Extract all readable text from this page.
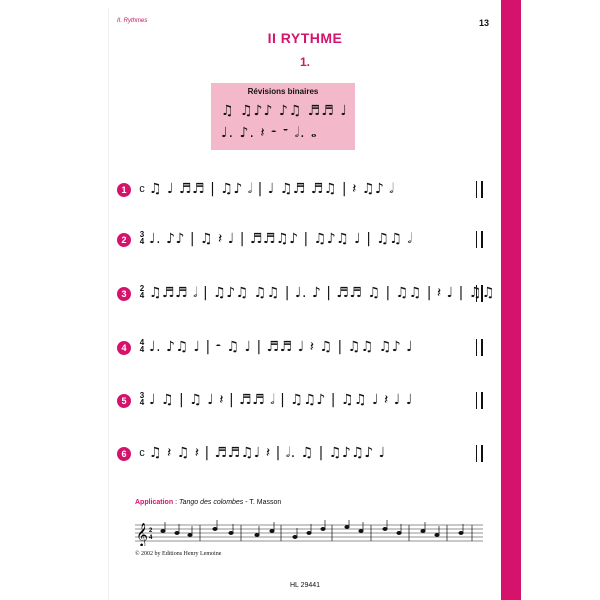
II. Rythmes	13
II RYTHME
1.
Révisions binaires
♫ ♫♪♪ ♪♫ ♬♬ ♩
♩. ♪. 𝄽 𝄼 𝄻 𝅗𝅥. 𝅝
1	c ♫ ♩ ♬♬ | ♫♪ 𝅗𝅥 | ♩ ♫♬ ♬♫ | 𝄽 ♫♪ 𝅗𝅥
2
3
4 ♩. ♪♪ | ♫ 𝄽 ♩ | ♬♬♫♪ | ♫♪♫ ♩ | ♫♫ 𝅗𝅥
3
2
4 ♫♬♬ 𝅗𝅥 | ♫♪♫ ♫♫ | ♩. ♪ | ♬♬ ♫ | ♫♫ | 𝄽 ♩ | ♫♫
4
4
4 ♩. ♪♫ ♩ | 𝄼 ♫ ♩ | ♬♬ ♩ 𝄽 ♫ | ♫♫ ♫♪ ♩
5
3
4 ♩ ♫ | ♫ ♩ 𝄽 | ♬♬ 𝅗𝅥 | ♫♫♪ | ♫♫ ♩ 𝄽 ♩ ♩
6	c ♫ 𝄽 ♫ 𝄽 | ♬♬♫♩ 𝄽 | 𝅗𝅥. ♫ | ♫♪♫♪ ♩
Application : Tango des colombes - T. Masson
𝄞 2
4
© 2002 by Editions Henry Lemoine
HL 29441
